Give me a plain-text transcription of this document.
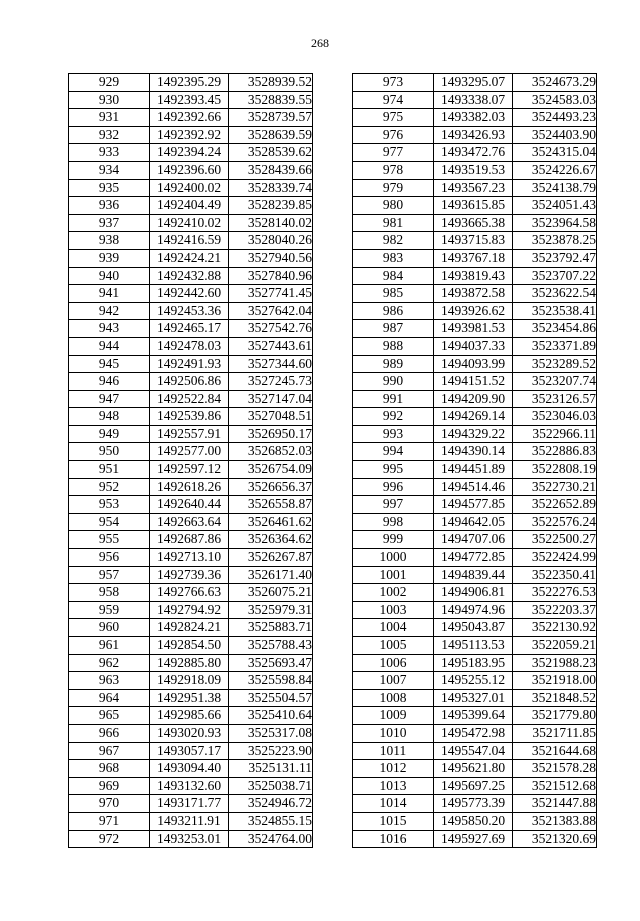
268
929	1492395.29	3528939.52
930	1492393.45	3528839.55
931	1492392.66	3528739.57
932	1492392.92	3528639.59
933	1492394.24	3528539.62
934	1492396.60	3528439.66
935	1492400.02	3528339.74
936	1492404.49	3528239.85
937	1492410.02	3528140.02
938	1492416.59	3528040.26
939	1492424.21	3527940.56
940	1492432.88	3527840.96
941	1492442.60	3527741.45
942	1492453.36	3527642.04
943	1492465.17	3527542.76
944	1492478.03	3527443.61
945	1492491.93	3527344.60
946	1492506.86	3527245.73
947	1492522.84	3527147.04
948	1492539.86	3527048.51
949	1492557.91	3526950.17
950	1492577.00	3526852.03
951	1492597.12	3526754.09
952	1492618.26	3526656.37
953	1492640.44	3526558.87
954	1492663.64	3526461.62
955	1492687.86	3526364.62
956	1492713.10	3526267.87
957	1492739.36	3526171.40
958	1492766.63	3526075.21
959	1492794.92	3525979.31
960	1492824.21	3525883.71
961	1492854.50	3525788.43
962	1492885.80	3525693.47
963	1492918.09	3525598.84
964	1492951.38	3525504.57
965	1492985.66	3525410.64
966	1493020.93	3525317.08
967	1493057.17	3525223.90
968	1493094.40	3525131.11
969	1493132.60	3525038.71
970	1493171.77	3524946.72
971	1493211.91	3524855.15
972	1493253.01	3524764.00
973	1493295.07	3524673.29
974	1493338.07	3524583.03
975	1493382.03	3524493.23
976	1493426.93	3524403.90
977	1493472.76	3524315.04
978	1493519.53	3524226.67
979	1493567.23	3524138.79
980	1493615.85	3524051.43
981	1493665.38	3523964.58
982	1493715.83	3523878.25
983	1493767.18	3523792.47
984	1493819.43	3523707.22
985	1493872.58	3523622.54
986	1493926.62	3523538.41
987	1493981.53	3523454.86
988	1494037.33	3523371.89
989	1494093.99	3523289.52
990	1494151.52	3523207.74
991	1494209.90	3523126.57
992	1494269.14	3523046.03
993	1494329.22	3522966.11
994	1494390.14	3522886.83
995	1494451.89	3522808.19
996	1494514.46	3522730.21
997	1494577.85	3522652.89
998	1494642.05	3522576.24
999	1494707.06	3522500.27
1000	1494772.85	3522424.99
1001	1494839.44	3522350.41
1002	1494906.81	3522276.53
1003	1494974.96	3522203.37
1004	1495043.87	3522130.92
1005	1495113.53	3522059.21
1006	1495183.95	3521988.23
1007	1495255.12	3521918.00
1008	1495327.01	3521848.52
1009	1495399.64	3521779.80
1010	1495472.98	3521711.85
1011	1495547.04	3521644.68
1012	1495621.80	3521578.28
1013	1495697.25	3521512.68
1014	1495773.39	3521447.88
1015	1495850.20	3521383.88
1016	1495927.69	3521320.69
